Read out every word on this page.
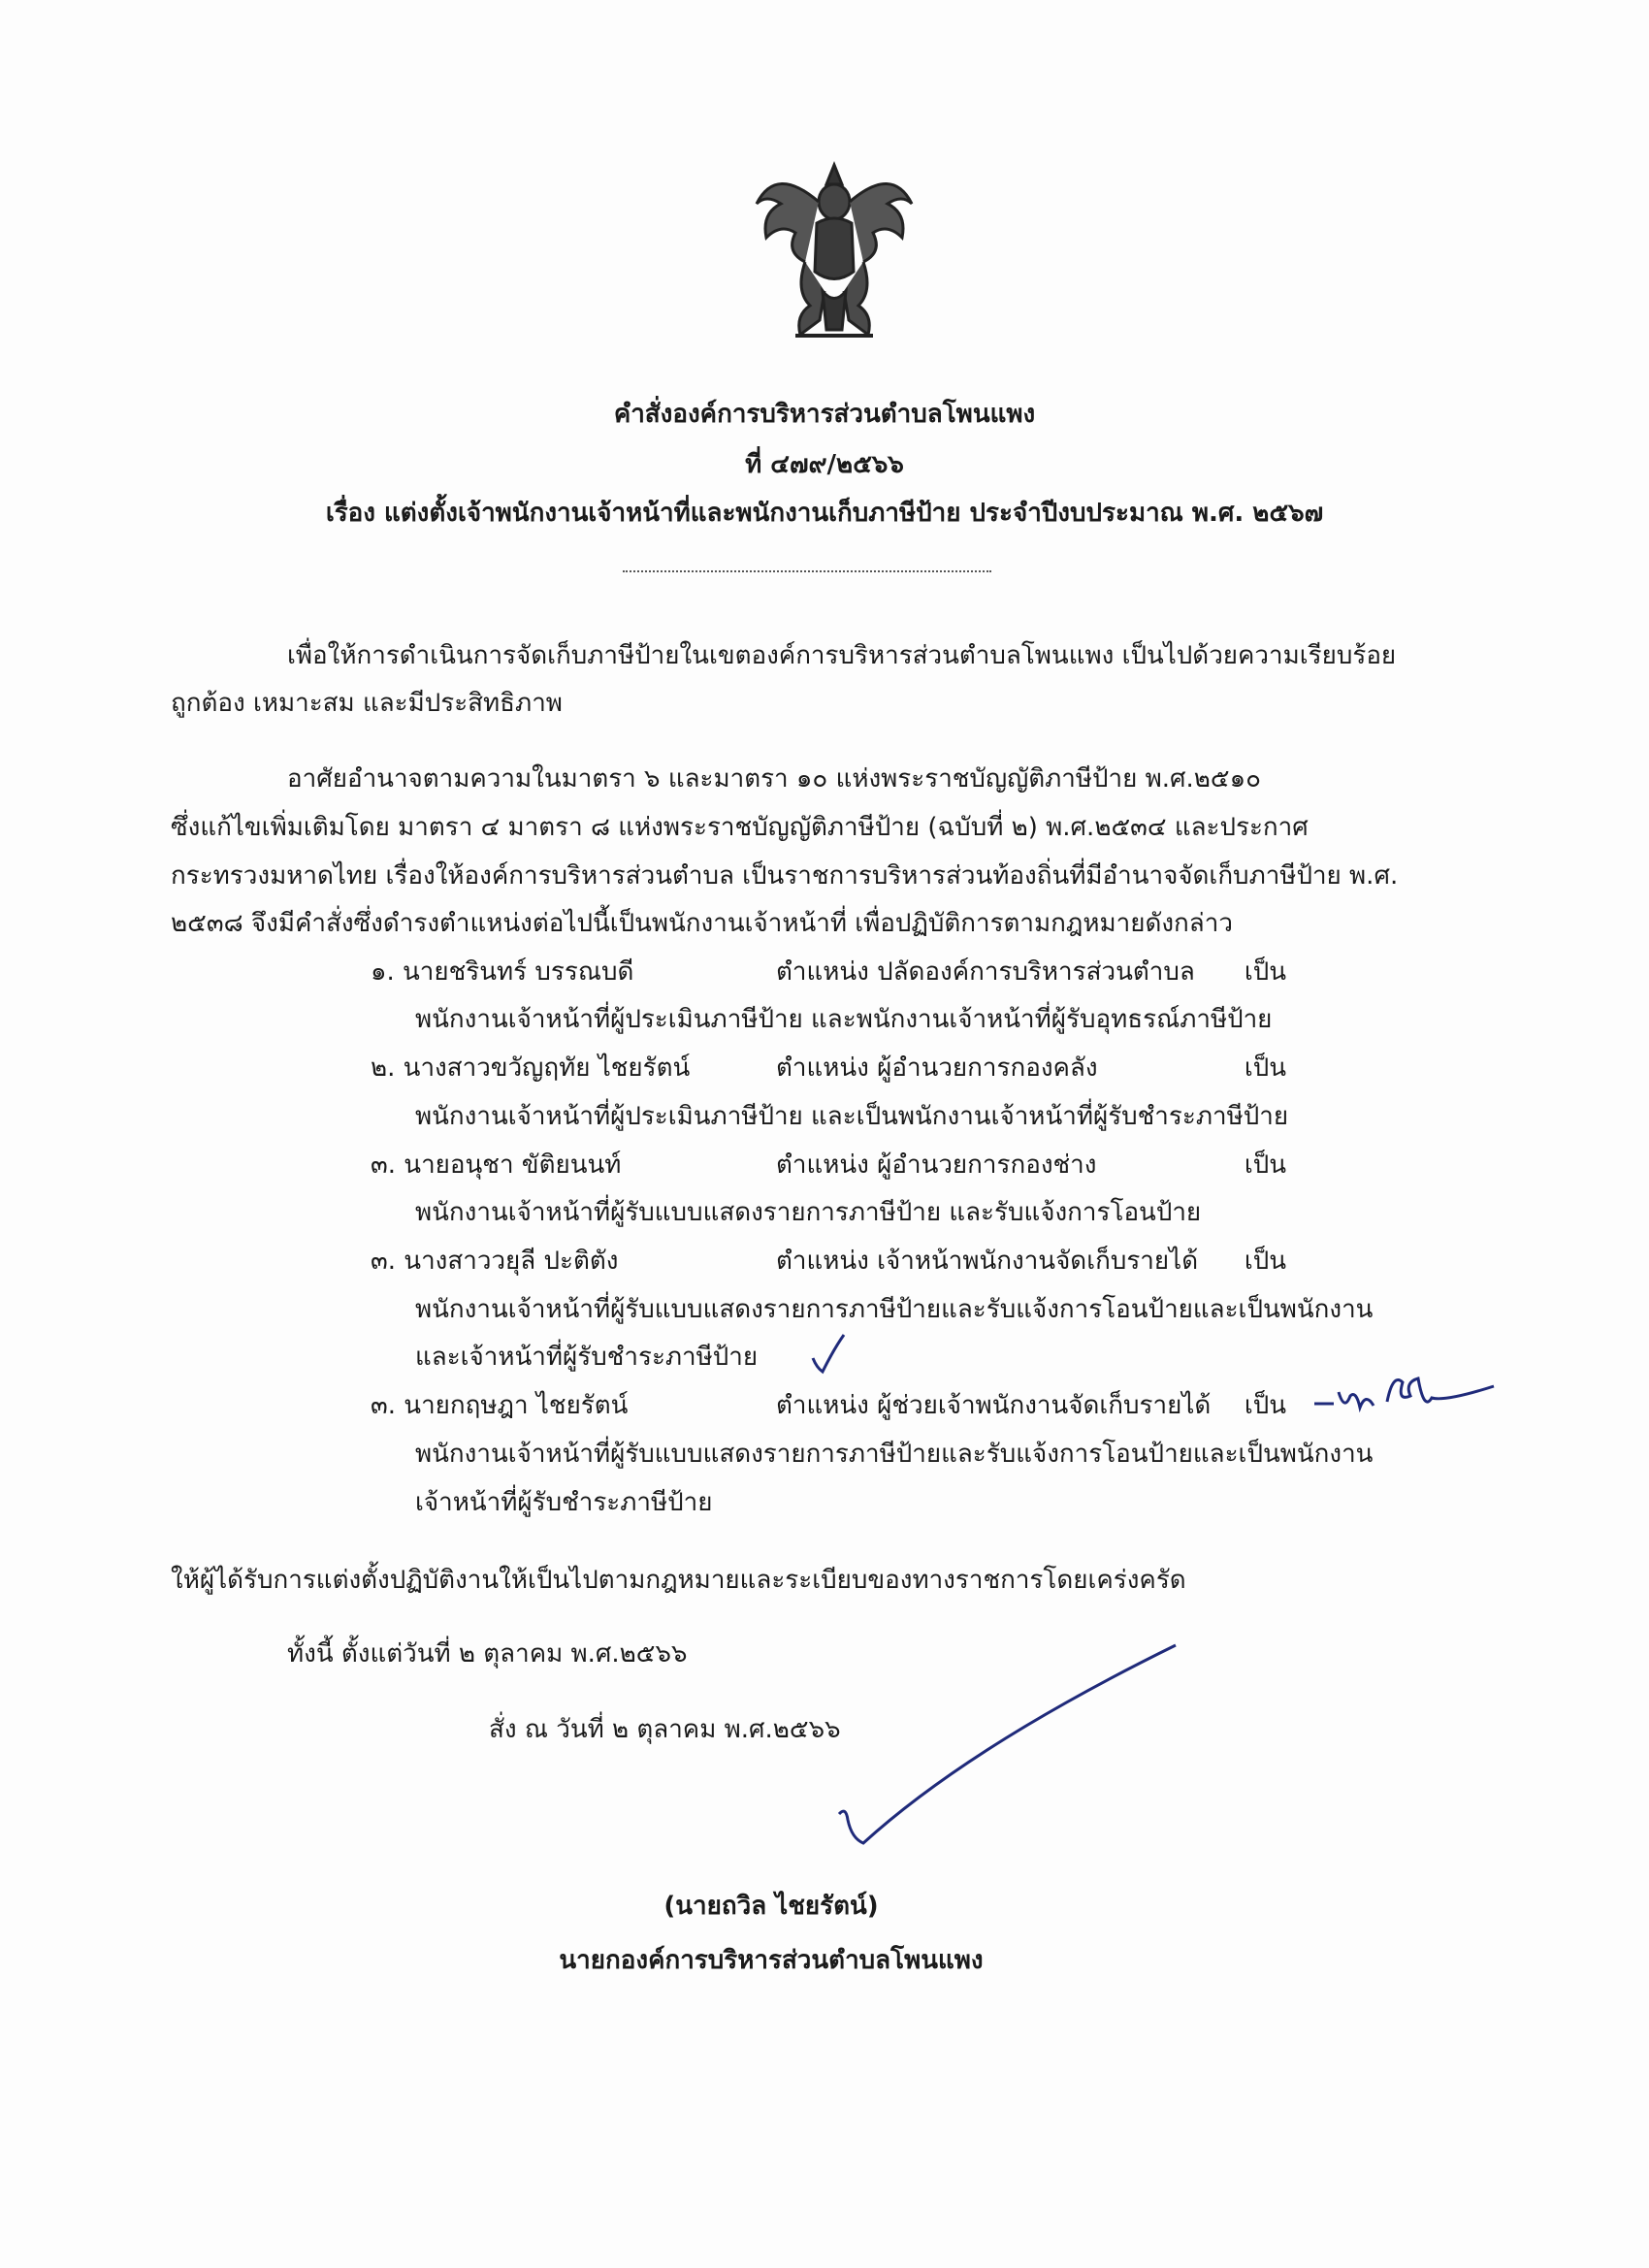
คำสั่งองค์การบริหารส่วนตำบลโพนแพง
ที่ ๔๗๙/๒๕๖๖
เรื่อง แต่งตั้งเจ้าพนักงานเจ้าหน้าที่และพนักงานเก็บภาษีป้าย ประจำปีงบประมาณ พ.ศ. ๒๕๖๗
เพื่อให้การดำเนินการจัดเก็บภาษีป้ายในเขตองค์การบริหารส่วนตำบลโพนแพง เป็นไปด้วยความเรียบร้อย
ถูกต้อง เหมาะสม และมีประสิทธิภาพ
อาศัยอำนาจตามความในมาตรา ๖ และมาตรา ๑๐ แห่งพระราชบัญญัติภาษีป้าย พ.ศ.๒๕๑๐
ซึ่งแก้ไขเพิ่มเติมโดย มาตรา ๔ มาตรา ๘ แห่งพระราชบัญญัติภาษีป้าย (ฉบับที่ ๒) พ.ศ.๒๕๓๔ และประกาศ
กระทรวงมหาดไทย เรื่องให้องค์การบริหารส่วนตำบล เป็นราชการบริหารส่วนท้องถิ่นที่มีอำนาจจัดเก็บภาษีป้าย พ.ศ.
๒๕๓๘ จึงมีคำสั่งซึ่งดำรงตำแหน่งต่อไปนี้เป็นพนักงานเจ้าหน้าที่ เพื่อปฏิบัติการตามกฎหมายดังกล่าว
๑. นายชรินทร์ บรรณบดี	ตำแหน่ง ปลัดองค์การบริหารส่วนตำบล เป็น
พนักงานเจ้าหน้าที่ผู้ประเมินภาษีป้าย และพนักงานเจ้าหน้าที่ผู้รับอุทธรณ์ภาษีป้าย
๒. นางสาวขวัญฤทัย ไชยรัตน์	ตำแหน่ง ผู้อำนวยการกองคลัง	เป็น
พนักงานเจ้าหน้าที่ผู้ประเมินภาษีป้าย และเป็นพนักงานเจ้าหน้าที่ผู้รับชำระภาษีป้าย
๓. นายอนุชา ขัติยนนท์	ตำแหน่ง ผู้อำนวยการกองช่าง	เป็น
พนักงานเจ้าหน้าที่ผู้รับแบบแสดงรายการภาษีป้าย และรับแจ้งการโอนป้าย
๓. นางสาววยุลี ปะติตัง	ตำแหน่ง เจ้าหน้าพนักงานจัดเก็บรายได้ เป็น
พนักงานเจ้าหน้าที่ผู้รับแบบแสดงรายการภาษีป้ายและรับแจ้งการโอนป้ายและเป็นพนักงาน
และเจ้าหน้าที่ผู้รับชำระภาษีป้าย
๓. นายกฤษฎา ไชยรัตน์	ตำแหน่ง ผู้ช่วยเจ้าพนักงานจัดเก็บรายได้ เป็น
พนักงานเจ้าหน้าที่ผู้รับแบบแสดงรายการภาษีป้ายและรับแจ้งการโอนป้ายและเป็นพนักงาน
เจ้าหน้าที่ผู้รับชำระภาษีป้าย
ให้ผู้ได้รับการแต่งตั้งปฏิบัติงานให้เป็นไปตามกฎหมายและระเบียบของทางราชการโดยเคร่งครัด
ทั้งนี้ ตั้งแต่วันที่ ๒ ตุลาคม พ.ศ.๒๕๖๖
สั่ง ณ วันที่ ๒ ตุลาคม พ.ศ.๒๕๖๖
(นายถวิล ไชยรัตน์)
นายกองค์การบริหารส่วนตำบลโพนแพง
